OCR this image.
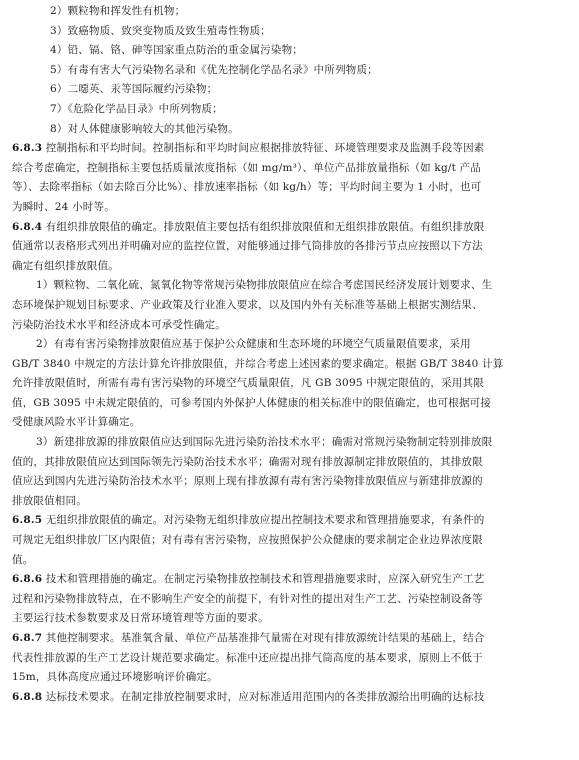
2）颗粒物和挥发性有机物；

3）致癌物质、致突变物质及致生殖毒性物质；

4）铅、镉、铬、砷等国家重点防治的重金属污染物；

5）有毒有害大气污染物名录和《优先控制化学品名录》中所列物质；

6）二噁英、汞等国际履约污染物；

7）《危险化学品目录》中所列物质；

8）对人体健康影响较大的其他污染物。

6.8.3 控制指标和平均时间。控制指标和平均时间应根据排放特征、环境管理要求及监测手段等因素

综合考虑确定，控制指标主要包括质量浓度指标（如 mg/m³）、单位产品排放量指标（如 kg/t 产品

等）、去除率指标（如去除百分比%）、排放速率指标（如 kg/h）等；平均时间主要为 1 小时，也可

为瞬时、24 小时等。

6.8.4 有组织排放限值的确定。排放限值主要包括有组织排放限值和无组织排放限值。有组织排放限

值通常以表格形式列出并明确对应的监控位置，对能够通过排气筒排放的各排污节点应按照以下方法

确定有组织排放限值。

1）颗粒物、二氧化硫、氮氧化物等常规污染物排放限值应在综合考虑国民经济发展计划要求、生

态环境保护规划目标要求、产业政策及行业准入要求，以及国内外有关标准等基础上根据实测结果、

污染防治技术水平和经济成本可承受性确定。

2）有毒有害污染物排放限值应基于保护公众健康和生态环境的环境空气质量限值要求，采用

GB/T 3840 中规定的方法计算允许排放限值，并综合考虑上述因素的要求确定。根据 GB/T 3840 计算

允许排放限值时，所需有毒有害污染物的环境空气质量限值，凡 GB 3095 中规定限值的，采用其限

值，GB 3095 中未规定限值的，可参考国内外保护人体健康的相关标准中的限值确定，也可根据可接

受健康风险水平计算确定。

3）新建排放源的排放限值应达到国际先进污染防治技术水平；确需对常规污染物制定特别排放限

值的，其排放限值应达到国际领先污染防治技术水平；确需对现有排放源制定排放限值的，其排放限

值应达到国内先进污染防治技术水平；原则上现有排放源有毒有害污染物排放限值应与新建排放源的

排放限值相同。

6.8.5 无组织排放限值的确定。对污染物无组织排放应提出控制技术要求和管理措施要求，有条件的

可规定无组织排放厂区内限值；对有毒有害污染物，应按照保护公众健康的要求制定企业边界浓度限

值。

6.8.6 技术和管理措施的确定。在制定污染物排放控制技术和管理措施要求时，应深入研究生产工艺

过程和污染物排放特点，在不影响生产安全的前提下，有针对性的提出对生产工艺、污染控制设备等

主要运行技术参数要求及日常环境管理等方面的要求。

6.8.7 其他控制要求。基准氧含量、单位产品基准排气量需在对现有排放源统计结果的基础上，结合

代表性排放源的生产工艺设计规范要求确定。标准中还应提出排气筒高度的基本要求，原则上不低于

15m，具体高度应通过环境影响评价确定。

6.8.8 达标技术要求。在制定排放控制要求时，应对标准适用范围内的各类排放源给出明确的达标技
